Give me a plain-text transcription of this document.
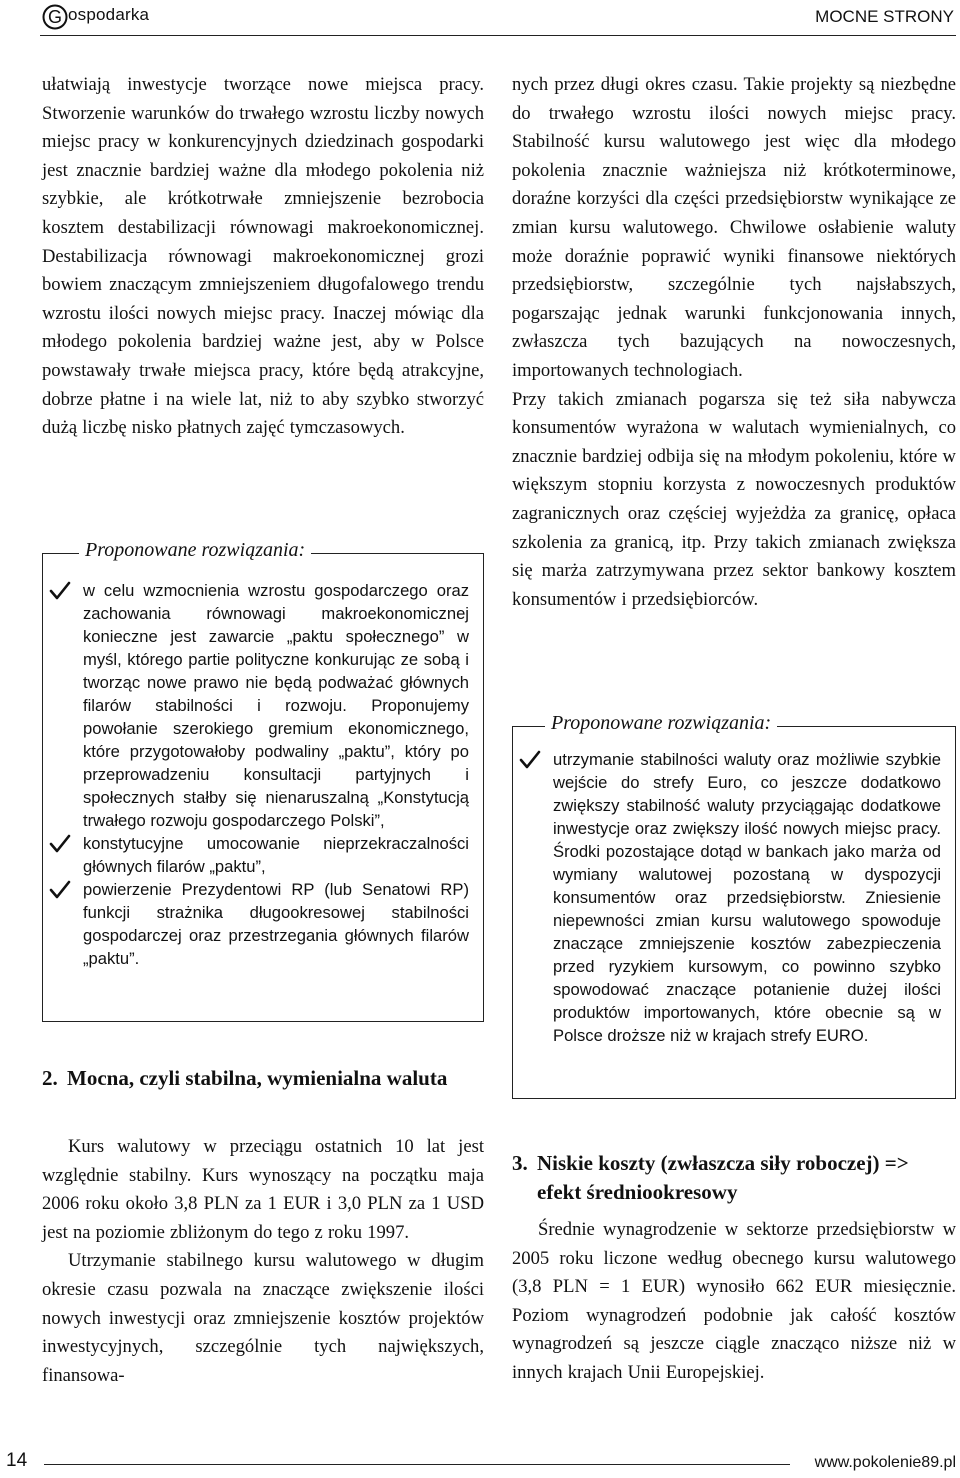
G ospodarka	MOCNE STRONY

ułatwiają inwestycje tworzące nowe miejsca pracy. Stworzenie warunków do trwałego wzrostu liczby nowych miejsc pracy w konkurencyjnych dziedzinach gospodarki jest znacznie bardziej ważne dla młodego pokolenia niż szybkie, ale krótkotrwałe zmniejszenie bezrobocia kosztem destabilizacji równowagi makroekonomicznej. Destabilizacja równowagi makroekonomicznej grozi bowiem znaczącym zmniejszeniem długofalowego trendu wzrostu ilości nowych miejsc pracy. Inaczej mówiąc dla młodego pokolenia bardziej ważne jest, aby w Polsce powstawały trwałe miejsca pracy, które będą atrakcyjne, dobrze płatne i na wiele lat, niż to aby szybko stworzyć dużą liczbę nisko płatnych zajęć tymczasowych.

Proponowane rozwiązania:
w celu wzmocnienia wzrostu gospodarczego oraz zachowania równowagi makroekonomicznej konieczne jest zawarcie „paktu społecznego” w myśl, którego partie polityczne konkurując ze sobą i tworząc nowe prawo nie będą podważać głównych filarów stabilności i rozwoju. Proponujemy powołanie szerokiego gremium ekonomicznego, które przygotowałoby podwaliny „paktu”, który po przeprowadzeniu konsultacji partyjnych i społecznych stałby się nienaruszalną „Konstytucją trwałego rozwoju gospodarczego Polski”,
konstytucyjne umocowanie nieprzekraczalności głównych filarów „paktu”,
powierzenie Prezydentowi RP (lub Senatowi RP) funkcji strażnika długookresowej stabilności gospodarczej oraz przestrzegania głównych filarów „paktu”.
2. Mocna, czyli stabilna, wymienialna waluta

Kurs walutowy w przeciągu ostatnich 10 lat jest względnie stabilny. Kurs wynoszący na początku maja 2006 roku około 3,8 PLN za 1 EUR i 3,0 PLN za 1 USD jest na poziomie zbliżonym do tego z roku 1997.

Utrzymanie stabilnego kursu walutowego w długim okresie czasu pozwala na znaczące zwiększenie ilości nowych inwestycji oraz zmniejszenie kosztów projektów inwestycyjnych, szczególnie tych największych, finansowa-

nych przez długi okres czasu. Takie projekty są niezbędne do trwałego wzrostu ilości nowych miejsc pracy. Stabilność kursu walutowego jest więc dla młodego pokolenia znacznie ważniejsza niż krótkoterminowe, doraźne korzyści dla części przedsiębiorstw wynikające ze zmian kursu walutowego. Chwilowe osłabienie waluty może doraźnie poprawić wyniki finansowe niektórych przedsiębiorstw, szczególnie tych najsłabszych, pogarszając jednak warunki funkcjonowania innych, zwłaszcza tych bazujących na nowoczesnych, importowanych technologiach.

Przy takich zmianach pogarsza się też siła nabywcza konsumentów wyrażona w walutach wymienialnych, co znacznie bardziej odbija się na młodym pokoleniu, które w większym stopniu korzysta z nowoczesnych produktów zagranicznych oraz częściej wyjeżdża za granicę, opłaca szkolenia za granicą, itp. Przy takich zmianach zwiększa się marża zatrzymywana przez sektor bankowy kosztem konsumentów i przedsiębiorców.

Proponowane rozwiązania:
utrzymanie stabilności waluty oraz możliwie szybkie wejście do strefy Euro, co jeszcze dodatkowo zwiększy stabilność waluty przyciągając dodatkowe inwestycje oraz zwiększy ilość nowych miejsc pracy. Środki pozostające dotąd w bankach jako marża od wymiany walutowej pozostaną w dyspozycji konsumentów oraz przedsiębiorstw. Zniesienie niepewności zmian kursu walutowego spowoduje znaczące zmniejszenie kosztów zabezpieczenia przed ryzykiem kursowym, co powinno szybko spowodować znaczące potanienie dużej ilości produktów importowanych, które obecnie są w Polsce droższe niż w krajach strefy EURO.
3. Niskie koszty (zwłaszcza siły roboczej) => efekt średniookresowy

Średnie wynagrodzenie w sektorze przedsiębiorstw w 2005 roku liczone według obecnego kursu walutowego (3,8 PLN = 1 EUR) wynosiło 662 EUR miesięcznie. Poziom wynagrodzeń podobnie jak całość kosztów wynagrodzeń są jeszcze ciągle znacząco niższe niż w innych krajach Unii Europejskiej.

14	www.pokolenie89.pl
